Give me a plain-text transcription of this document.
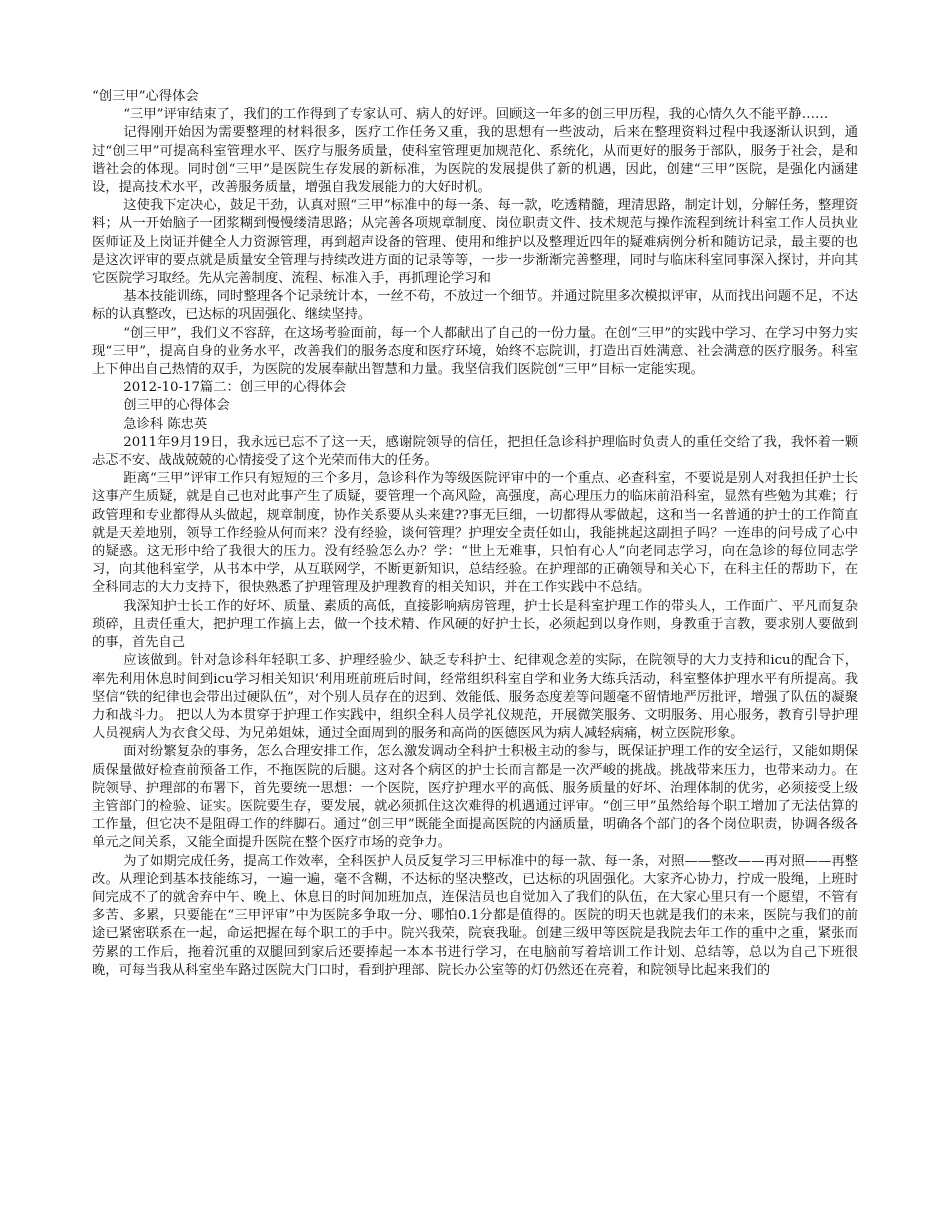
“创三甲”心得体会

“三甲”评审结束了，我们的工作得到了专家认可、病人的好评。回顾这一年多的创三甲历程，我的心情久久不能平静……

记得刚开始因为需要整理的材料很多，医疗工作任务又重，我的思想有一些波动，后来在整理资料过程中我逐渐认识到，通过“创三甲”可提高科室管理水平、医疗与服务质量，使科室管理更加规范化、系统化，从而更好的服务于部队，服务于社会，是和谐社会的体现。同时创“三甲”是医院生存发展的新标准，为医院的发展提供了新的机遇，因此，创建“三甲”医院，是强化内涵建设，提高技术水平，改善服务质量，增强自我发展能力的大好时机。

这使我下定决心，鼓足干劲，认真对照“三甲”标准中的每一条、每一款，吃透精髓，理清思路，制定计划，分解任务，整理资料；从一开始脑子一团浆糊到慢慢缕清思路；从完善各项规章制度、岗位职责文件、技术规范与操作流程到统计科室工作人员执业医师证及上岗证并健全人力资源管理，再到超声设备的管理、使用和维护以及整理近四年的疑难病例分析和随访记录，最主要的也是这次评审的要点就是质量安全管理与持续改进方面的记录等等，一步一步渐渐完善整理，同时与临床科室同事深入探讨，并向其它医院学习取经。先从完善制度、流程、标准入手，再抓理论学习和

基本技能训练，同时整理各个记录统计本，一丝不苟，不放过一个细节。并通过院里多次模拟评审，从而找出问题不足，不达标的认真整改，已达标的巩固强化、继续坚持。

“创三甲”，我们义不容辞，在这场考验面前，每一个人都献出了自己的一份力量。在创“三甲”的实践中学习、在学习中努力实现“三甲”，提高自身的业务水平，改善我们的服务态度和医疗环境，始终不忘院训，打造出百姓满意、社会满意的医疗服务。科室上下伸出自己热情的双手，为医院的发展奉献出智慧和力量。我坚信我们医院创“三甲”目标一定能实现。

2012-10-17篇二：创三甲的心得体会

创三甲的心得体会

急诊科 陈忠英

2011年9月19日，我永远已忘不了这一天，感谢院领导的信任，把担任急诊科护理临时负责人的重任交给了我，我怀着一颗忐忑不安、战战兢兢的心情接受了这个光荣而伟大的任务。

距离“三甲”评审工作只有短短的三个多月，急诊科作为等级医院评审中的一个重点、必查科室，不要说是别人对我担任护士长这事产生质疑，就是自己也对此事产生了质疑，要管理一个高风险，高强度，高心理压力的临床前沿科室，显然有些勉为其难；行政管理和专业都得从头做起，规章制度，协作关系要从头来建??事无巨细，一切都得从零做起，这和当一名普通的护士的工作简直就是天差地别，领导工作经验从何而来？没有经验，谈何管理？护理安全责任如山，我能挑起这副担子吗？一连串的问号成了心中的疑惑。这无形中给了我很大的压力。没有经验怎么办？学：“世上无难事，只怕有心人”向老同志学习，向在急诊的每位同志学习，向其他科室学，从书本中学，从互联网学，不断更新知识，总结经验。在护理部的正确领导和关心下，在科主任的帮助下，在全科同志的大力支持下，很快熟悉了护理管理及护理教育的相关知识，并在工作实践中不总结。

我深知护士长工作的好坏、质量、素质的高低，直接影响病房管理，护士长是科室护理工作的带头人，工作面广、平凡而复杂琐碎，且责任重大，把护理工作搞上去，做一个技术精、作风硬的好护士长，必须起到以身作则，身教重于言教，要求别人要做到的事，首先自己

应该做到。针对急诊科年轻职工多、护理经验少、缺乏专科护士、纪律观念差的实际，在院领导的大力支持和icu的配合下，率先利用休息时间到icu学习相关知识‘利用班前班后时间，经常组织科室自学和业务大练兵活动，科室整体护理水平有所提高。我坚信“铁的纪律也会带出过硬队伍”，对个别人员存在的迟到、效能低、服务态度差等问题毫不留情地严厉批评，增强了队伍的凝聚力和战斗力。 把以人为本贯穿于护理工作实践中，组织全科人员学礼仪规范，开展微笑服务、文明服务、用心服务，教育引导护理人员视病人为衣食父母、为兄弟姐妹，通过全面周到的服务和高尚的医德医风为病人减轻病痛，树立医院形象。

面对纷繁复杂的事务，怎么合理安排工作，怎么激发调动全科护士积极主动的参与，既保证护理工作的安全运行，又能如期保质保量做好检查前预备工作，不拖医院的后腿。这对各个病区的护士长而言都是一次严峻的挑战。挑战带来压力，也带来动力。在院领导、护理部的布署下，首先要统一思想：一个医院，医疗护理水平的高低、服务质量的好坏、治理体制的优劣，必须接受上级主管部门的检验、证实。医院要生存，要发展，就必须抓住这次难得的机遇通过评审。“创三甲”虽然给每个职工增加了无法估算的工作量，但它决不是阻碍工作的绊脚石。通过“创三甲”既能全面提高医院的内涵质量，明确各个部门的各个岗位职责，协调各级各单元之间关系，又能全面提升医院在整个医疗市场的竞争力。

为了如期完成任务，提高工作效率，全科医护人员反复学习三甲标准中的每一款、每一条，对照——整改——再对照——再整改。从理论到基本技能练习，一遍一遍，毫不含糊，不达标的坚决整改，已达标的巩固强化。大家齐心协力，拧成一股绳，上班时间完成不了的就舍弃中午、晚上、休息日的时间加班加点，连保洁员也自觉加入了我们的队伍，在大家心里只有一个愿望，不管有多苦、多累，只要能在“三甲评审”中为医院多争取一分、哪怕0.1分都是值得的。医院的明天也就是我们的未来，医院与我们的前途已紧密联系在一起，命运把握在每个职工的手中。院兴我荣，院衰我耻。创建三级甲等医院是我院去年工作的重中之重，紧张而劳累的工作后，拖着沉重的双腿回到家后还要捧起一本本书进行学习，在电脑前写着培训工作计划、总结等，总以为自己下班很晚，可每当我从科室坐车路过医院大门口时，看到护理部、院长办公室等的灯仍然还在亮着，和院领导比起来我们的
